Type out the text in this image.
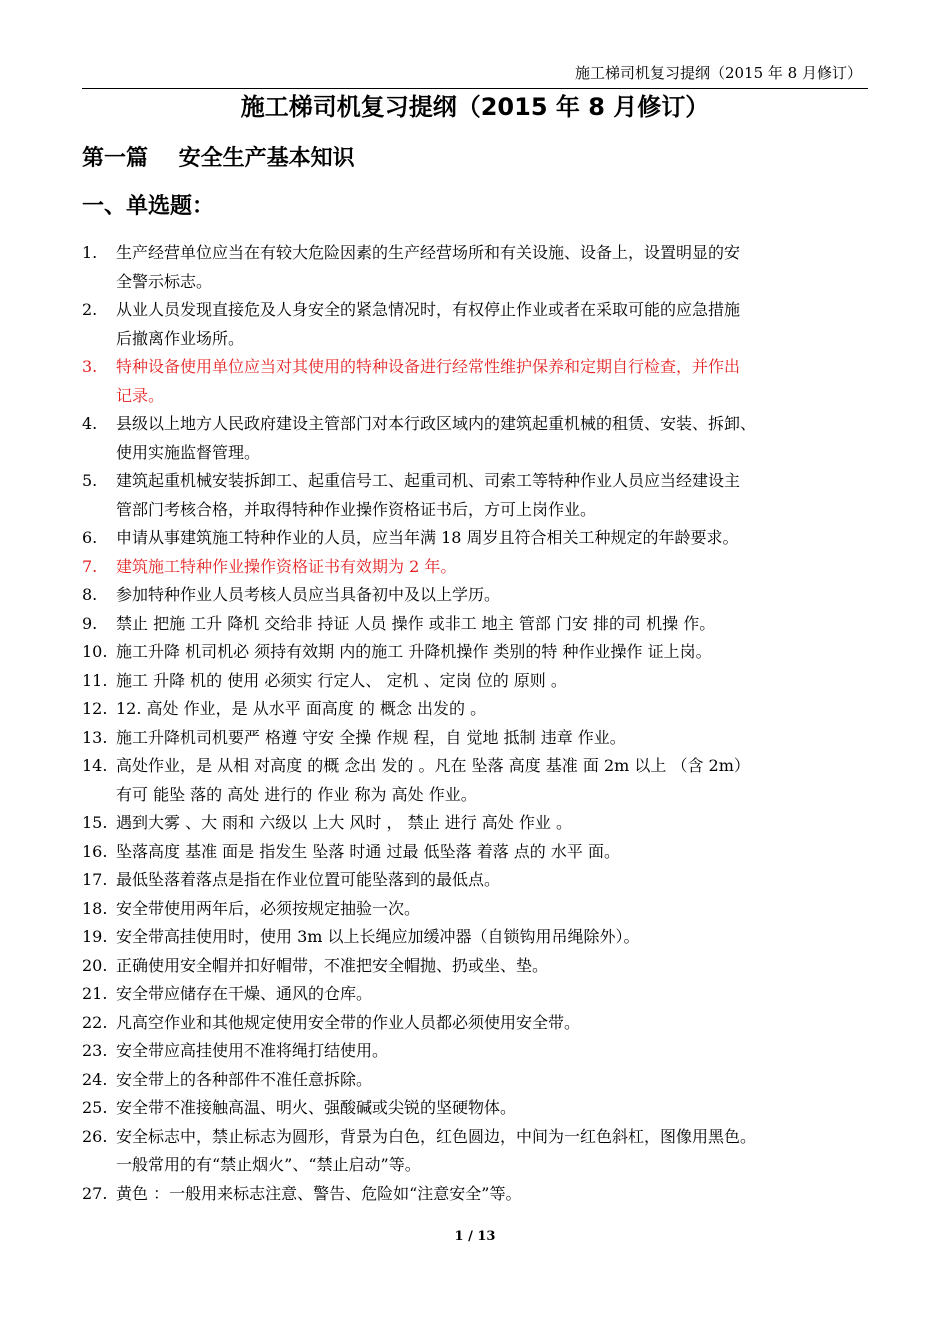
施工梯司机复习提纲（2015 年 8 月修订）
施工梯司机复习提纲（2015 年 8 月修订）
第一篇    安全生产基本知识
一、单选题：
1. 生产经营单位应当在有较大危险因素的生产经营场所和有关设施、设备上，设置明显的安
全警示标志。
2. 从业人员发现直接危及人身安全的紧急情况时，有权停止作业或者在采取可能的应急措施
后撤离作业场所。
3. 特种设备使用单位应当对其使用的特种设备进行经常性维护保养和定期自行检查，并作出
记录。
4. 县级以上地方人民政府建设主管部门对本行政区域内的建筑起重机械的租赁、安装、拆卸、
使用实施监督管理。
5. 建筑起重机械安装拆卸工、起重信号工、起重司机、司索工等特种作业人员应当经建设主
管部门考核合格，并取得特种作业操作资格证书后，方可上岗作业。
6. 申请从事建筑施工特种作业的人员，应当年满 18 周岁且符合相关工种规定的年龄要求。
7. 建筑施工特种作业操作资格证书有效期为 2 年。
8. 参加特种作业人员考核人员应当具备初中及以上学历。
9. 禁止 把施 工升 降机 交给非 持证 人员 操作 或非工 地主 管部 门安 排的司 机操 作。
10. 施工升降 机司机必 须持有效期 内的施工 升降机操作 类别的特 种作业操作 证上岗。
11. 施工 升降 机的 使用 必须实 行定人、 定机 、定岗 位的 原则 。
12. 12. 高处 作业，是 从水平 面高度 的 概念 出发的 。
13. 施工升降机司机要严 格遵 守安 全操 作规 程，自 觉地 抵制 违章 作业。
14. 高处作业，是 从相 对高度 的概 念出 发的 。凡在 坠落 高度 基准 面 2m 以上 （含 2m）
有可 能坠 落的 高处 进行的 作业 称为 高处 作业。
15. 遇到大雾 、大 雨和 六级以 上大 风时 ， 禁止 进行 高处 作业 。
16. 坠落高度 基准 面是 指发生 坠落 时通 过最 低坠落 着落 点的 水平 面。
17. 最低坠落着落点是指在作业位置可能坠落到的最低点。
18. 安全带使用两年后，必须按规定抽验一次。
19. 安全带高挂使用时，使用 3m 以上长绳应加缓冲器（自锁钩用吊绳除外）。
20. 正确使用安全帽并扣好帽带，不准把安全帽抛、扔或坐、垫。
21. 安全带应储存在干燥、通风的仓库。
22. 凡高空作业和其他规定使用安全带的作业人员都必须使用安全带。
23. 安全带应高挂使用不准将绳打结使用。
24. 安全带上的各种部件不准任意拆除。
25. 安全带不准接触高温、明火、强酸碱或尖锐的坚硬物体。
26. 安全标志中，禁止标志为圆形，背景为白色，红色圆边，中间为一红色斜杠，图像用黑色。
一般常用的有“禁止烟火”、“禁止启动”等。
27. 黄色 ：一般用来标志注意、警告、危险如“注意安全”等。
1 / 13
